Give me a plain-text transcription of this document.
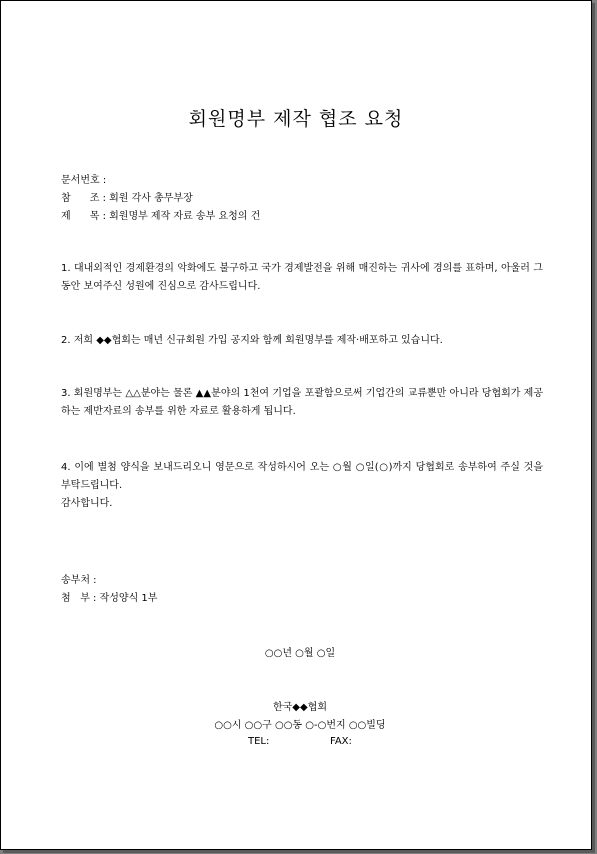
회원명부 제작 협조 요청
문서번호 :
참      조 : 회원 각사 총무부장
제      목 : 회원명부 제작 자료 송부 요청의 건
1. 대내외적인 경제환경의 악화에도 불구하고 국가 경제발전을 위해 매진하는 귀사에 경의를 표하며, 아울러 그동안 보여주신 성원에 진심으로 감사드립니다.
2. 저희 ◆◆협회는 매년 신규회원 가입 공지와 함께 회원명부를 제작·배포하고 있습니다.
3. 회원명부는 △△분야는 물론 ▲▲분야의 1천여 기업을 포괄함으로써 기업간의 교류뿐만 아니라 당협회가 제공하는 제반자료의 송부를 위한 자료로 활용하게 됩니다.
4. 이에 별첨 양식을 보내드리오니 영문으로 작성하시어 오는 ○월 ○일(○)까지 당협회로 송부하여 주실 것을 부탁드립니다.
감사합니다.
송부처 :
첨   부 : 작성양식 1부
○○년 ○월 ○일
한국◆◆협회
○○시 ○○구 ○○동 ○-○번지 ○○빌딩
TEL:	FAX:
